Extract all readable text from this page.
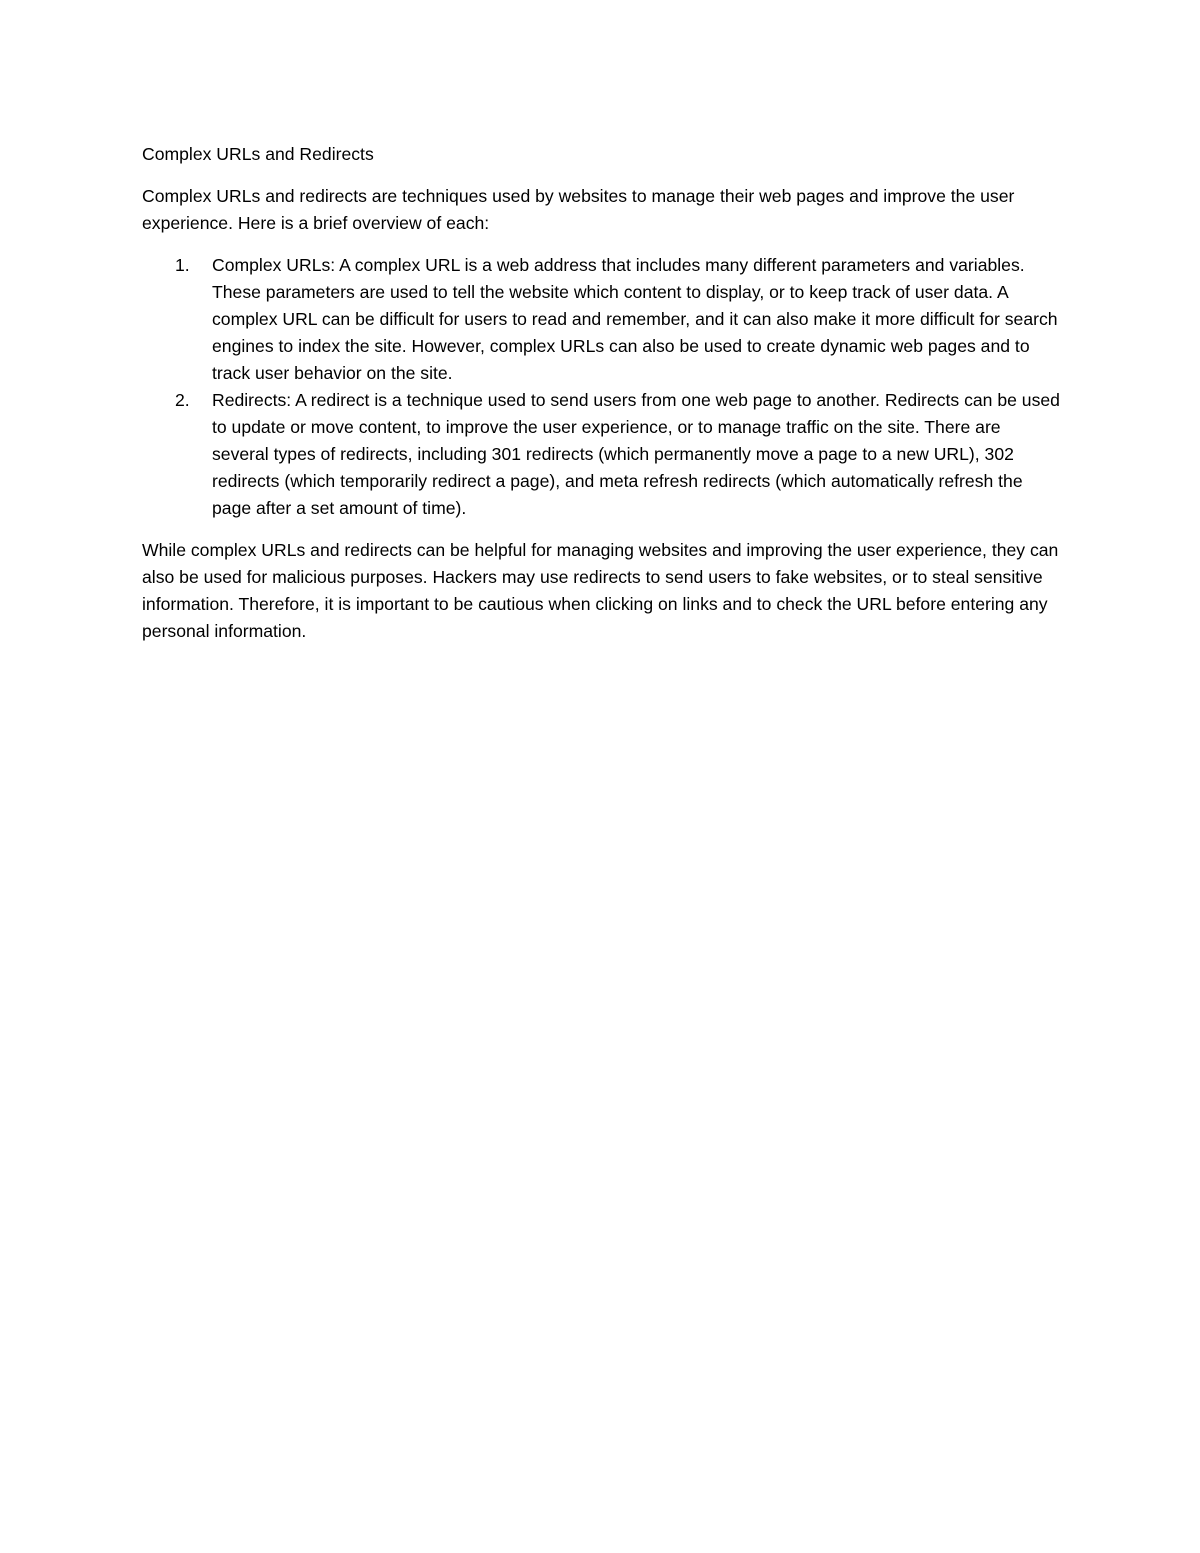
Complex URLs and Redirects

Complex URLs and redirects are techniques used by websites to manage their web pages and improve the user experience. Here is a brief overview of each:

1. Complex URLs: A complex URL is a web address that includes many different parameters and variables. These parameters are used to tell the website which content to display, or to keep track of user data. A complex URL can be difficult for users to read and remember, and it can also make it more difficult for search engines to index the site. However, complex URLs can also be used to create dynamic web pages and to track user behavior on the site.
2. Redirects: A redirect is a technique used to send users from one web page to another. Redirects can be used to update or move content, to improve the user experience, or to manage traffic on the site. There are several types of redirects, including 301 redirects (which permanently move a page to a new URL), 302 redirects (which temporarily redirect a page), and meta refresh redirects (which automatically refresh the page after a set amount of time).

While complex URLs and redirects can be helpful for managing websites and improving the user experience, they can also be used for malicious purposes. Hackers may use redirects to send users to fake websites, or to steal sensitive information. Therefore, it is important to be cautious when clicking on links and to check the URL before entering any personal information.
